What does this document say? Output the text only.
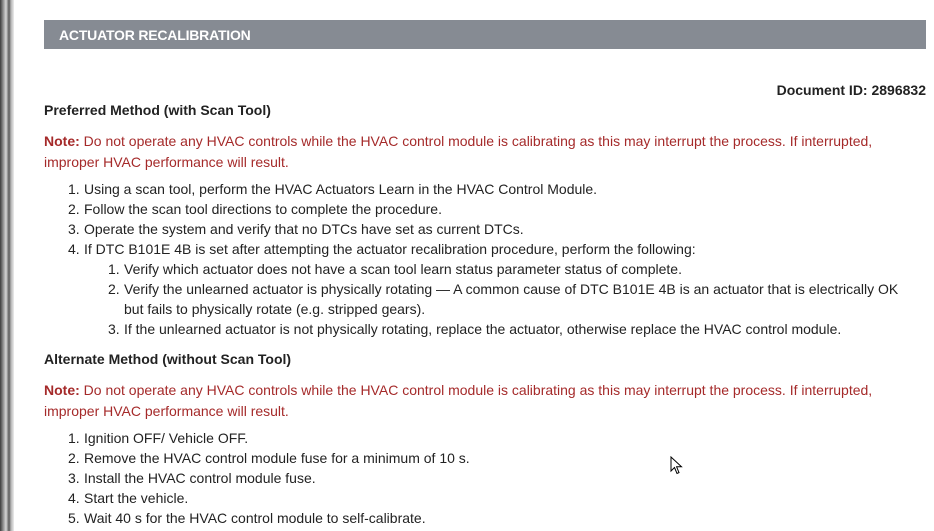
ACTUATOR RECALIBRATION
Document ID: 2896832
Preferred Method (with Scan Tool)
Note: Do not operate any HVAC controls while the HVAC control module is calibrating as this may interrupt the process. If interrupted, improper HVAC performance will result.
1. Using a scan tool, perform the HVAC Actuators Learn in the HVAC Control Module.
2. Follow the scan tool directions to complete the procedure.
3. Operate the system and verify that no DTCs have set as current DTCs.
4. If DTC B101E 4B is set after attempting the actuator recalibration procedure, perform the following:
1. Verify which actuator does not have a scan tool learn status parameter status of complete.
2. Verify the unlearned actuator is physically rotating — A common cause of DTC B101E 4B is an actuator that is electrically OK but fails to physically rotate (e.g. stripped gears).
3. If the unlearned actuator is not physically rotating, replace the actuator, otherwise replace the HVAC control module.
Alternate Method (without Scan Tool)
Note: Do not operate any HVAC controls while the HVAC control module is calibrating as this may interrupt the process. If interrupted, improper HVAC performance will result.
1. Ignition OFF/ Vehicle OFF.
2. Remove the HVAC control module fuse for a minimum of 10 s.
3. Install the HVAC control module fuse.
4. Start the vehicle.
5. Wait 40 s for the HVAC control module to self-calibrate.
